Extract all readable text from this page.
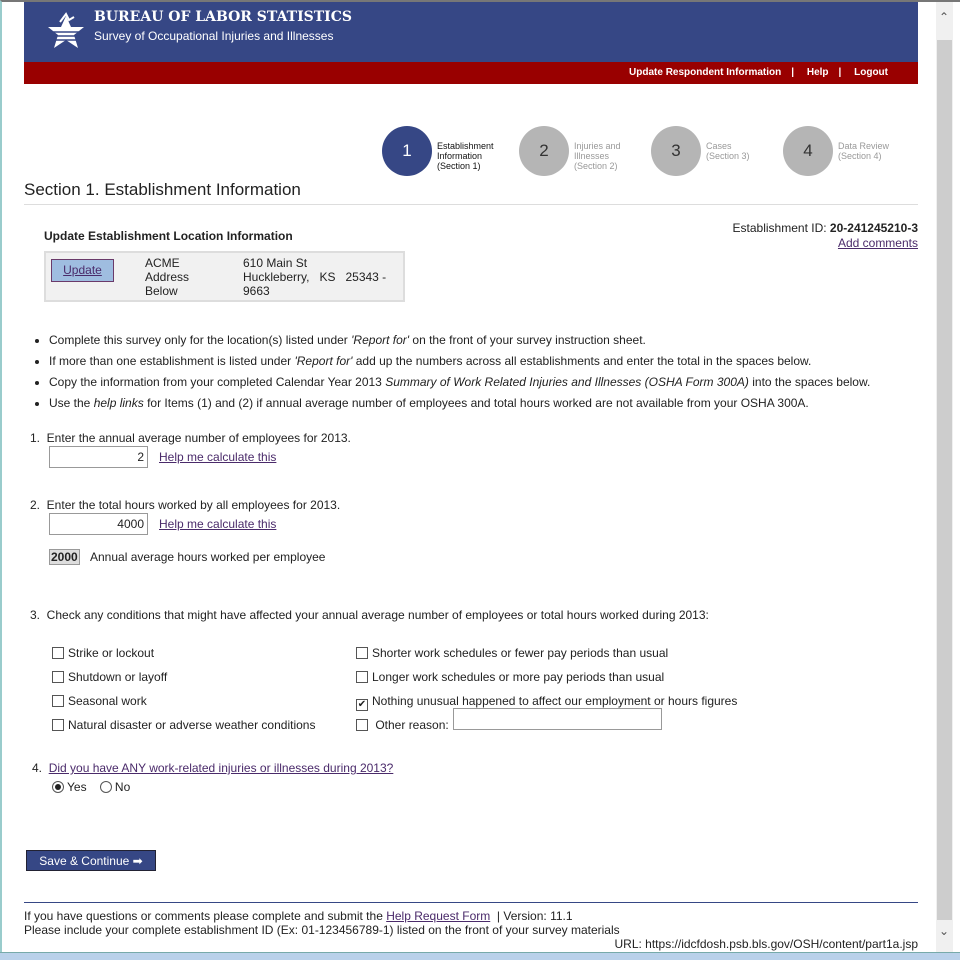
⌃
⌄
BUREAU OF LABOR STATISTICS
Survey of Occupational Injuries and Illnesses
Update Respondent Information | Help | Logout
1	Establishment
Information
(Section 1)
2	Injuries and
Illnesses
(Section 2)
3	Cases
(Section 3)	4	Data Review
(Section 4)
Section 1. Establishment Information
Establishment ID: 20-241245210-3
Add comments
Update Establishment Location Information
Update	ACME
Address
Below
610 Main St
Huckleberry,   KS   25343 -
9663
• Complete this survey only for the location(s) listed under 'Report for' on the front of your survey instruction sheet.
• If more than one establishment is listed under 'Report for' add up the numbers across all establishments and enter the total in the spaces below.
• Copy the information from your completed Calendar Year 2013 Summary of Work Related Injuries and Illnesses (OSHA Form 300A) into the spaces below.
• Use the help links for Items (1) and (2) if annual average number of employees and total hours worked are not available from your OSHA 300A.
1.  Enter the annual average number of employees for 2013.
2	Help me calculate this
2.  Enter the total hours worked by all employees for 2013.
4000	Help me calculate this
2000 Annual average hours worked per employee
3.  Check any conditions that might have affected your annual average number of employees or total hours worked during 2013:
Strike or lockout
Shutdown or layoff
Seasonal work
Natural disaster or adverse weather conditions
Shorter work schedules or fewer pay periods than usual
Longer work schedules or more pay periods than usual
✔ Nothing unusual happened to affect our employment or hours figures
Other reason:
4. Did you have ANY work-related injuries or illnesses during 2013?
Yes No
Save & Continue ➡
If you have questions or comments please complete and submit the Help Request Form | Version: 11.1
Please include your complete establishment ID (Ex: 01-123456789-1) listed on the front of your survey materials
URL: https://idcfdosh.psb.bls.gov/OSH/content/part1a.jsp
